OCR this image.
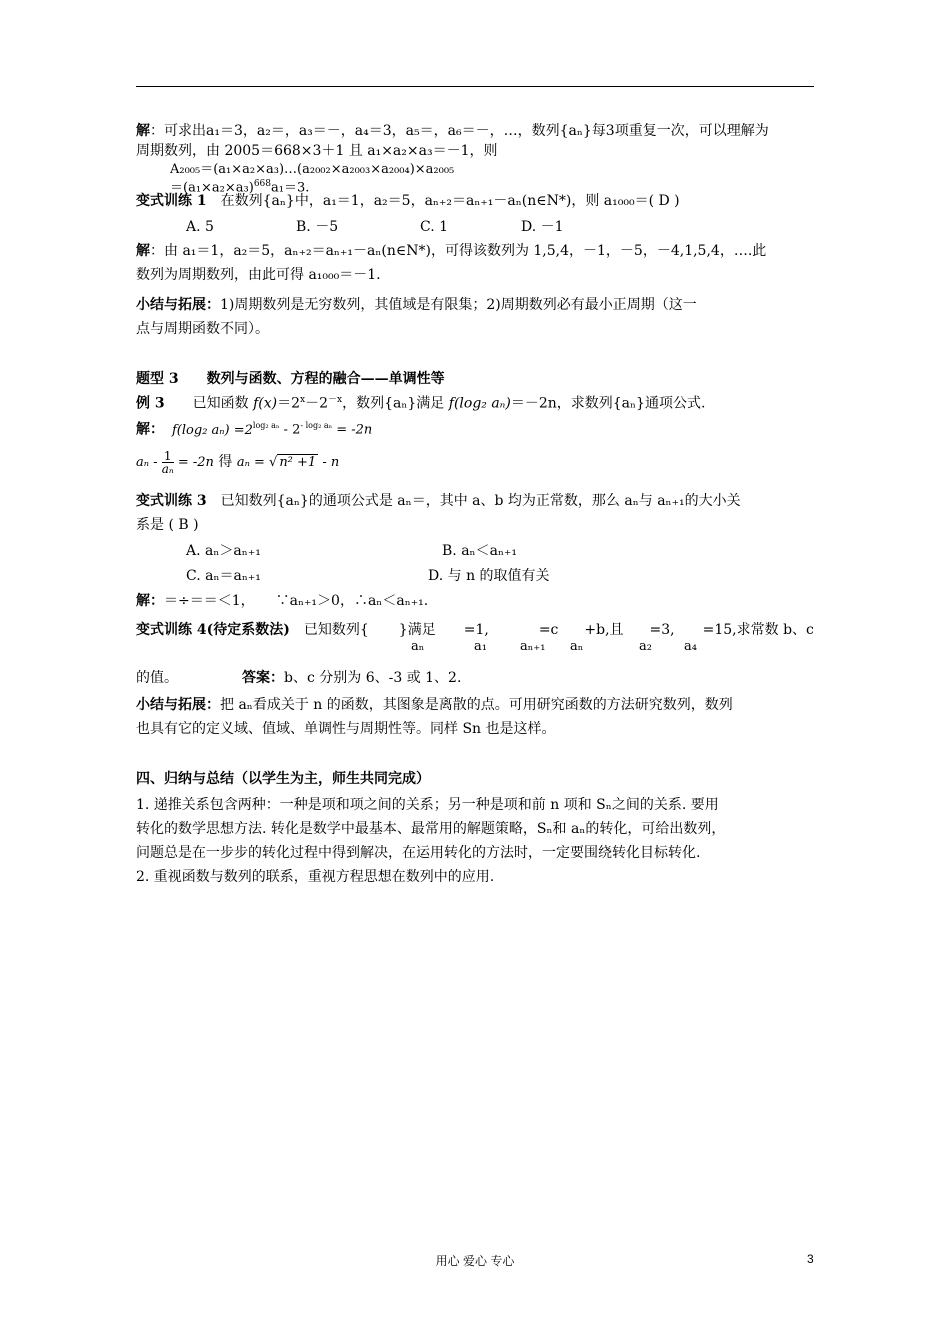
解：可求出a₁＝3，a₂＝，a₃＝－，a₄＝3，a₅＝，a₆＝－，…，数列{aₙ}每3项重复一次，可以理解为
周期数列，由 2005＝668×3＋1 且 a₁×a₂×a₃＝－1，则
A₂₀₀₅＝(a₁×a₂×a₃)…(a₂₀₀₂×a₂₀₀₃×a₂₀₀₄)×a₂₀₀₅
$=(a_1\times a_2\times a_3)^{668}a_1=3$.
变式训练 1　在数列{aₙ}中，a₁＝1，a₂＝5，aₙ₊₂＝aₙ₊₁－aₙ(n∈N*)，则 a₁₀₀₀＝( D )
A. 5	B. －5	C. 1	D. －1
解：由 a₁＝1，a₂＝5，aₙ₊₂＝aₙ₊₁－aₙ(n∈N*)，可得该数列为 1,5,4，－1，－5，－4,1,5,4，….此
数列为周期数列，由此可得 a₁₀₀₀＝－1.
小结与拓展：1)周期数列是无穷数列，其值域是有限集；2)周期数列必有最小正周期（这一
点与周期函数不同）。
题型 3　　数列与函数、方程的融合——单调性等
例 3　　已知函数 $f(x)=2^x-2^{-x}$，数列{aₙ}满足 f(log₂ aₙ)＝－2n，求数列{aₙ}通项公式.
解： f(log₂ $a_n) =2^{log_2 a_n} - 2^{- log_2 a_n} = -2n$
$a_n - \frac{1}{\text{aₙ}} = -2n$ 得 aₙ = √ n² +1 - n
变式训练 3　已知数列{aₙ}的通项公式是 aₙ＝，其中 a、b 均为正常数，那么 aₙ与 aₙ₊₁的大小关
系是 ( B )
A. aₙ＞aₙ₊₁	B. aₙ＜aₙ₊₁
C. aₙ＝aₙ₊₁	D. 与 n 的取值有关
解：＝÷＝＝＜1，　　∵aₙ₊₁＞0，∴aₙ＜aₙ₊₁.
变式训练 4(待定系数法)　已知数列{ }满足 =1,	=c +b,且 =3, =15,求常数 b、c
aₙ	a₁	aₙ₊₁ aₙ	a₂ a₄
的值。	答案：b、c 分别为 6、-3 或 1、2.
小结与拓展：把 aₙ看成关于 n 的函数，其图象是离散的点。可用研究函数的方法研究数列，数列
也具有它的定义域、值域、单调性与周期性等。同样 Sn 也是这样。
四、归纳与总结（以学生为主，师生共同完成）
1. 递推关系包含两种：一种是项和项之间的关系；另一种是项和前 n 项和 Sₙ之间的关系. 要用
转化的数学思想方法. 转化是数学中最基本、最常用的解题策略，Sₙ和 aₙ的转化，可给出数列，
问题总是在一步步的转化过程中得到解决，在运用转化的方法时，一定要围绕转化目标转化.
2. 重视函数与数列的联系，重视方程思想在数列中的应用.
用心 爱心 专心	3
